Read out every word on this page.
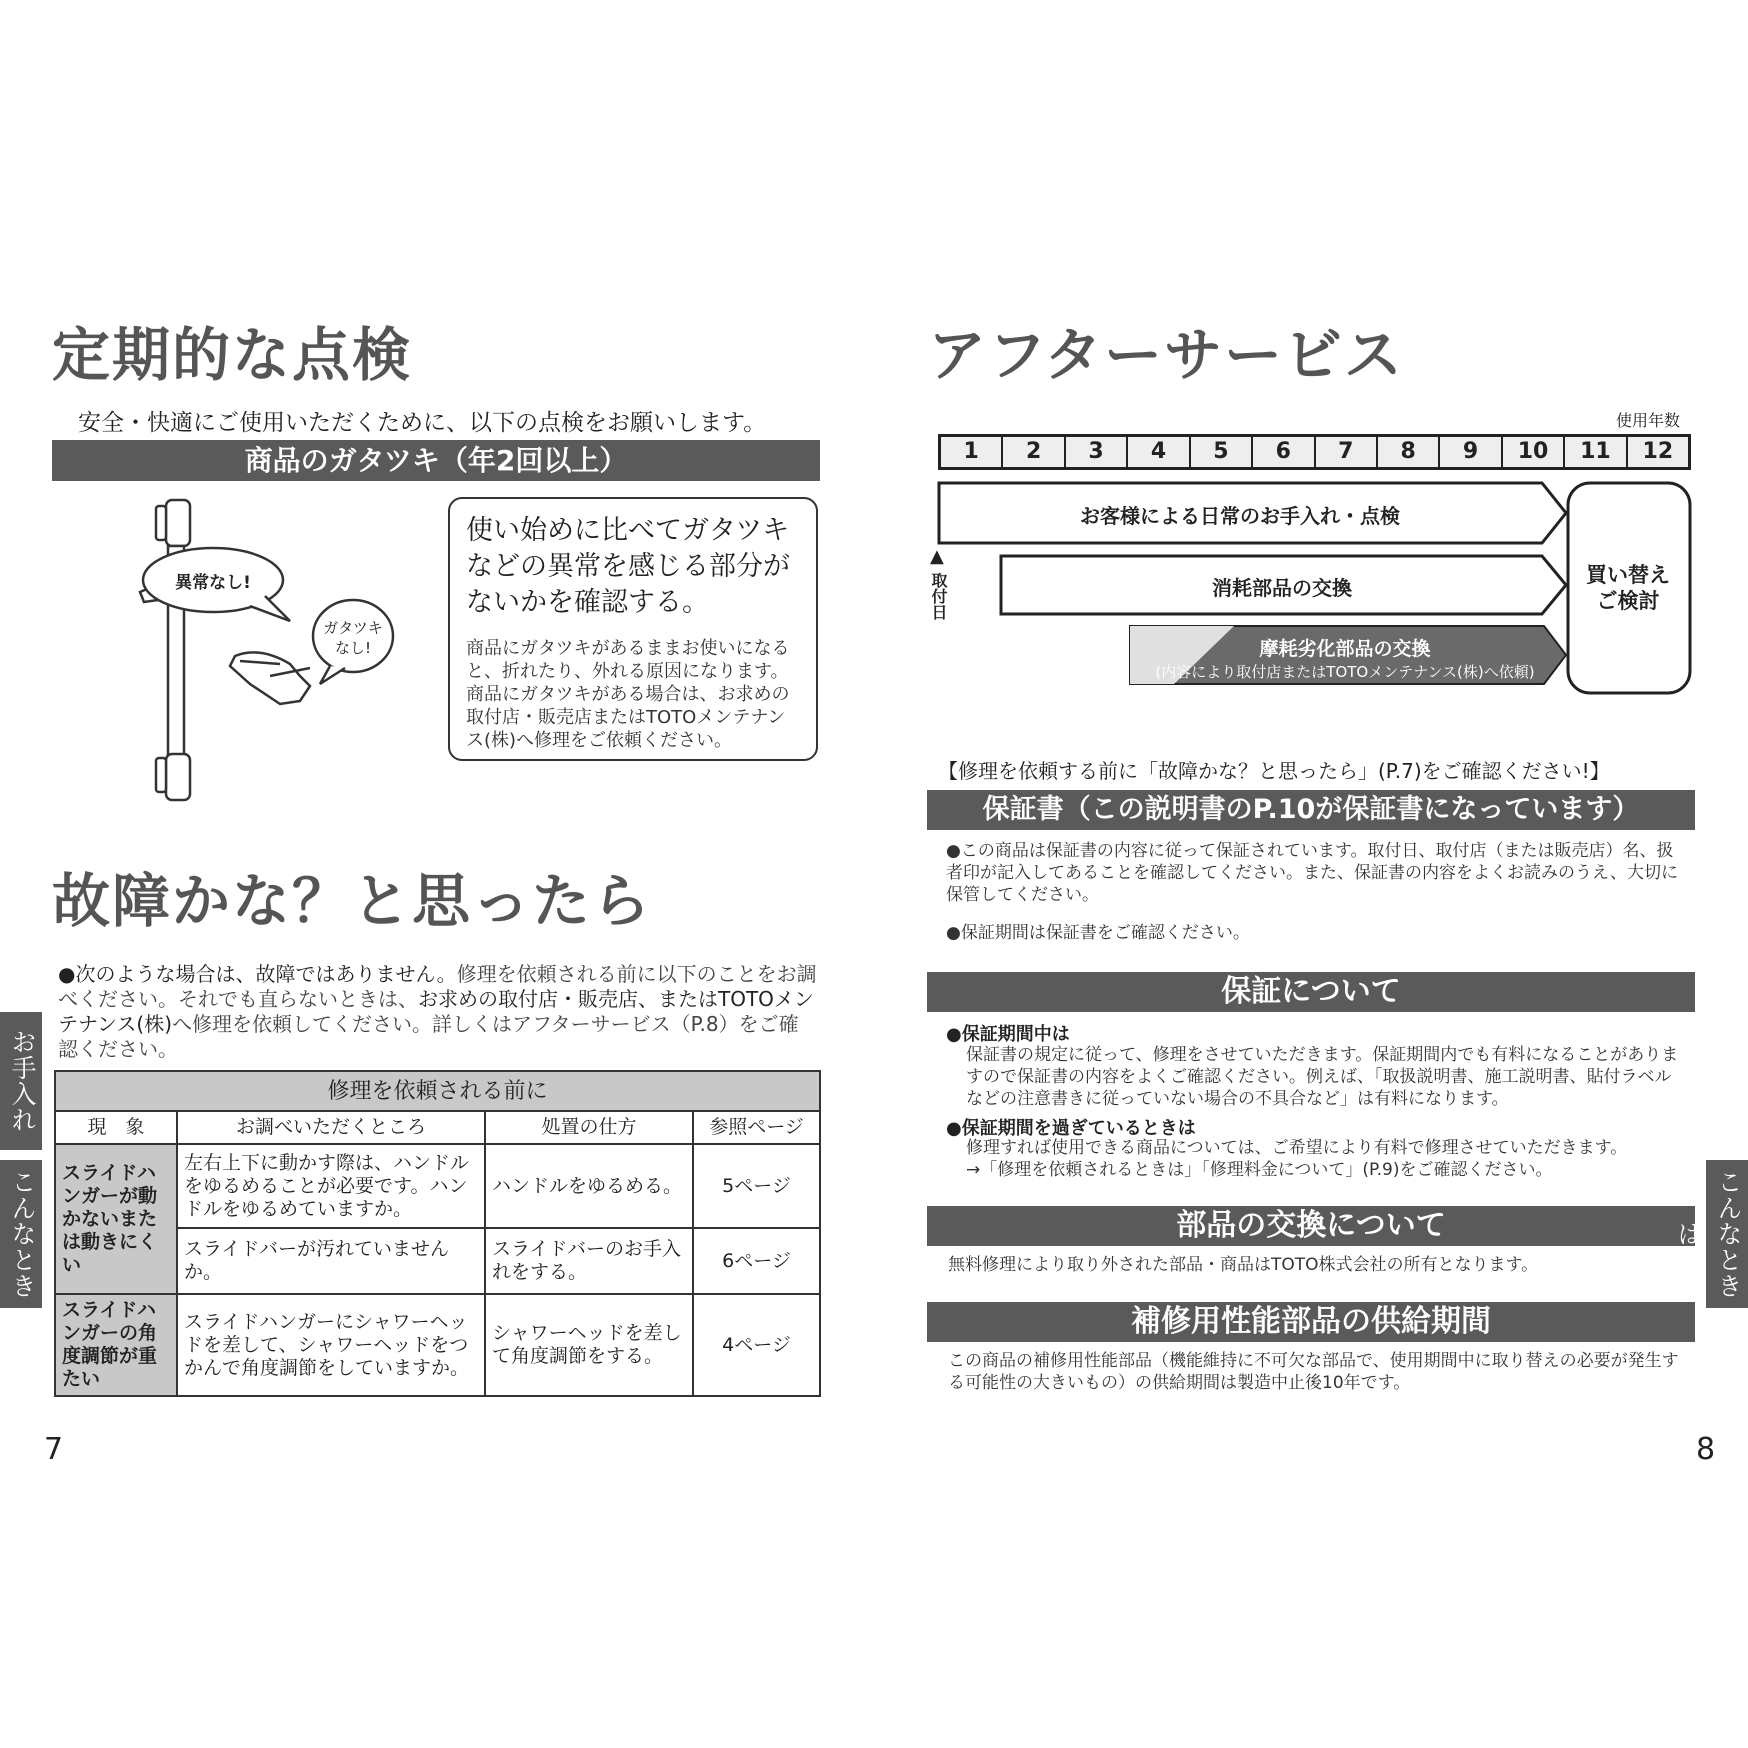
定期的な点検
安全・快適にご使用いただくために、以下の点検をお願いします。
商品のガタツキ（年2回以上）
異常なし!
ガタツキ
なし!
使い始めに比べてガタツキなどの異常を感じる部分がないかを確認する。
商品にガタツキがあるままお使いになると、折れたり、外れる原因になります。商品にガタツキがある場合は、お求めの取付店・販売店またはTOTOメンテナンス(株)へ修理をご依頼ください。
故障かな？と思ったら
●次のような場合は、故障ではありません。修理を依頼される前に以下のことをお調べください。それでも直らないときは、お求めの取付店・販売店、またはTOTOメンテナンス(株)へ修理を依頼してください。詳しくはアフターサービス（P.8）をご確認ください。
修理を依頼される前に			
現　象	お調べいただくところ	処置の仕方	参照ページ
スライドハンガーが動かないまたは動きにくい	左右上下に動かす際は、ハンドルをゆるめることが必要です。ハンドルをゆるめていますか。	ハンドルをゆるめる。	5ページ
	スライドバーが汚れていませんか。	スライドバーのお手入れをする。	6ページ
スライドハンガーの角度調節が重たい	スライドハンガーにシャワーヘッドを差して、シャワーヘッドをつかんで角度調節をしていますか。	シャワーヘッドを差して角度調節をする。	4ページ
お手入れ
こんなとき
7
アフターサービス
使用年数
1	2	3	4	5	6	7	8	9	10	11	12
お客様による日常のお手入れ・点検
消耗部品の交換
摩耗劣化部品の交換
(内容により取付店またはTOTOメンテナンス(株)へ依頼)
買い替え
ご検討
▲
取付日
【修理を依頼する前に「故障かな？と思ったら」(P.7)をご確認ください!】
保証書（この説明書のP.10が保証書になっています）
●この商品は保証書の内容に従って保証されています。取付日、取付店（または販売店）名、扱者印が記入してあることを確認してください。また、保証書の内容をよくお読みのうえ、大切に保管してください。
●保証期間は保証書をご確認ください。
保証について
●保証期間中は
保証書の規定に従って、修理をさせていただきます。保証期間内でも有料になることがありますので保証書の内容をよくご確認ください。例えば、「取扱説明書、施工説明書、貼付ラベルなどの注意書きに従っていない場合の不具合など」は有料になります。
●保証期間を過ぎているときは
修理すれば使用できる商品については、ご希望により有料で修理させていただきます。
→「修理を依頼されるときは」「修理料金について」(P.9)をご確認ください。
部品の交換について
無料修理により取り外された部品・商品はTOTO株式会社の所有となります。
補修用性能部品の供給期間
この商品の補修用性能部品（機能維持に不可欠な部品で、使用期間中に取り替えの必要が発生する可能性の大きいもの）の供給期間は製造中止後10年です。
こんなときは
8
